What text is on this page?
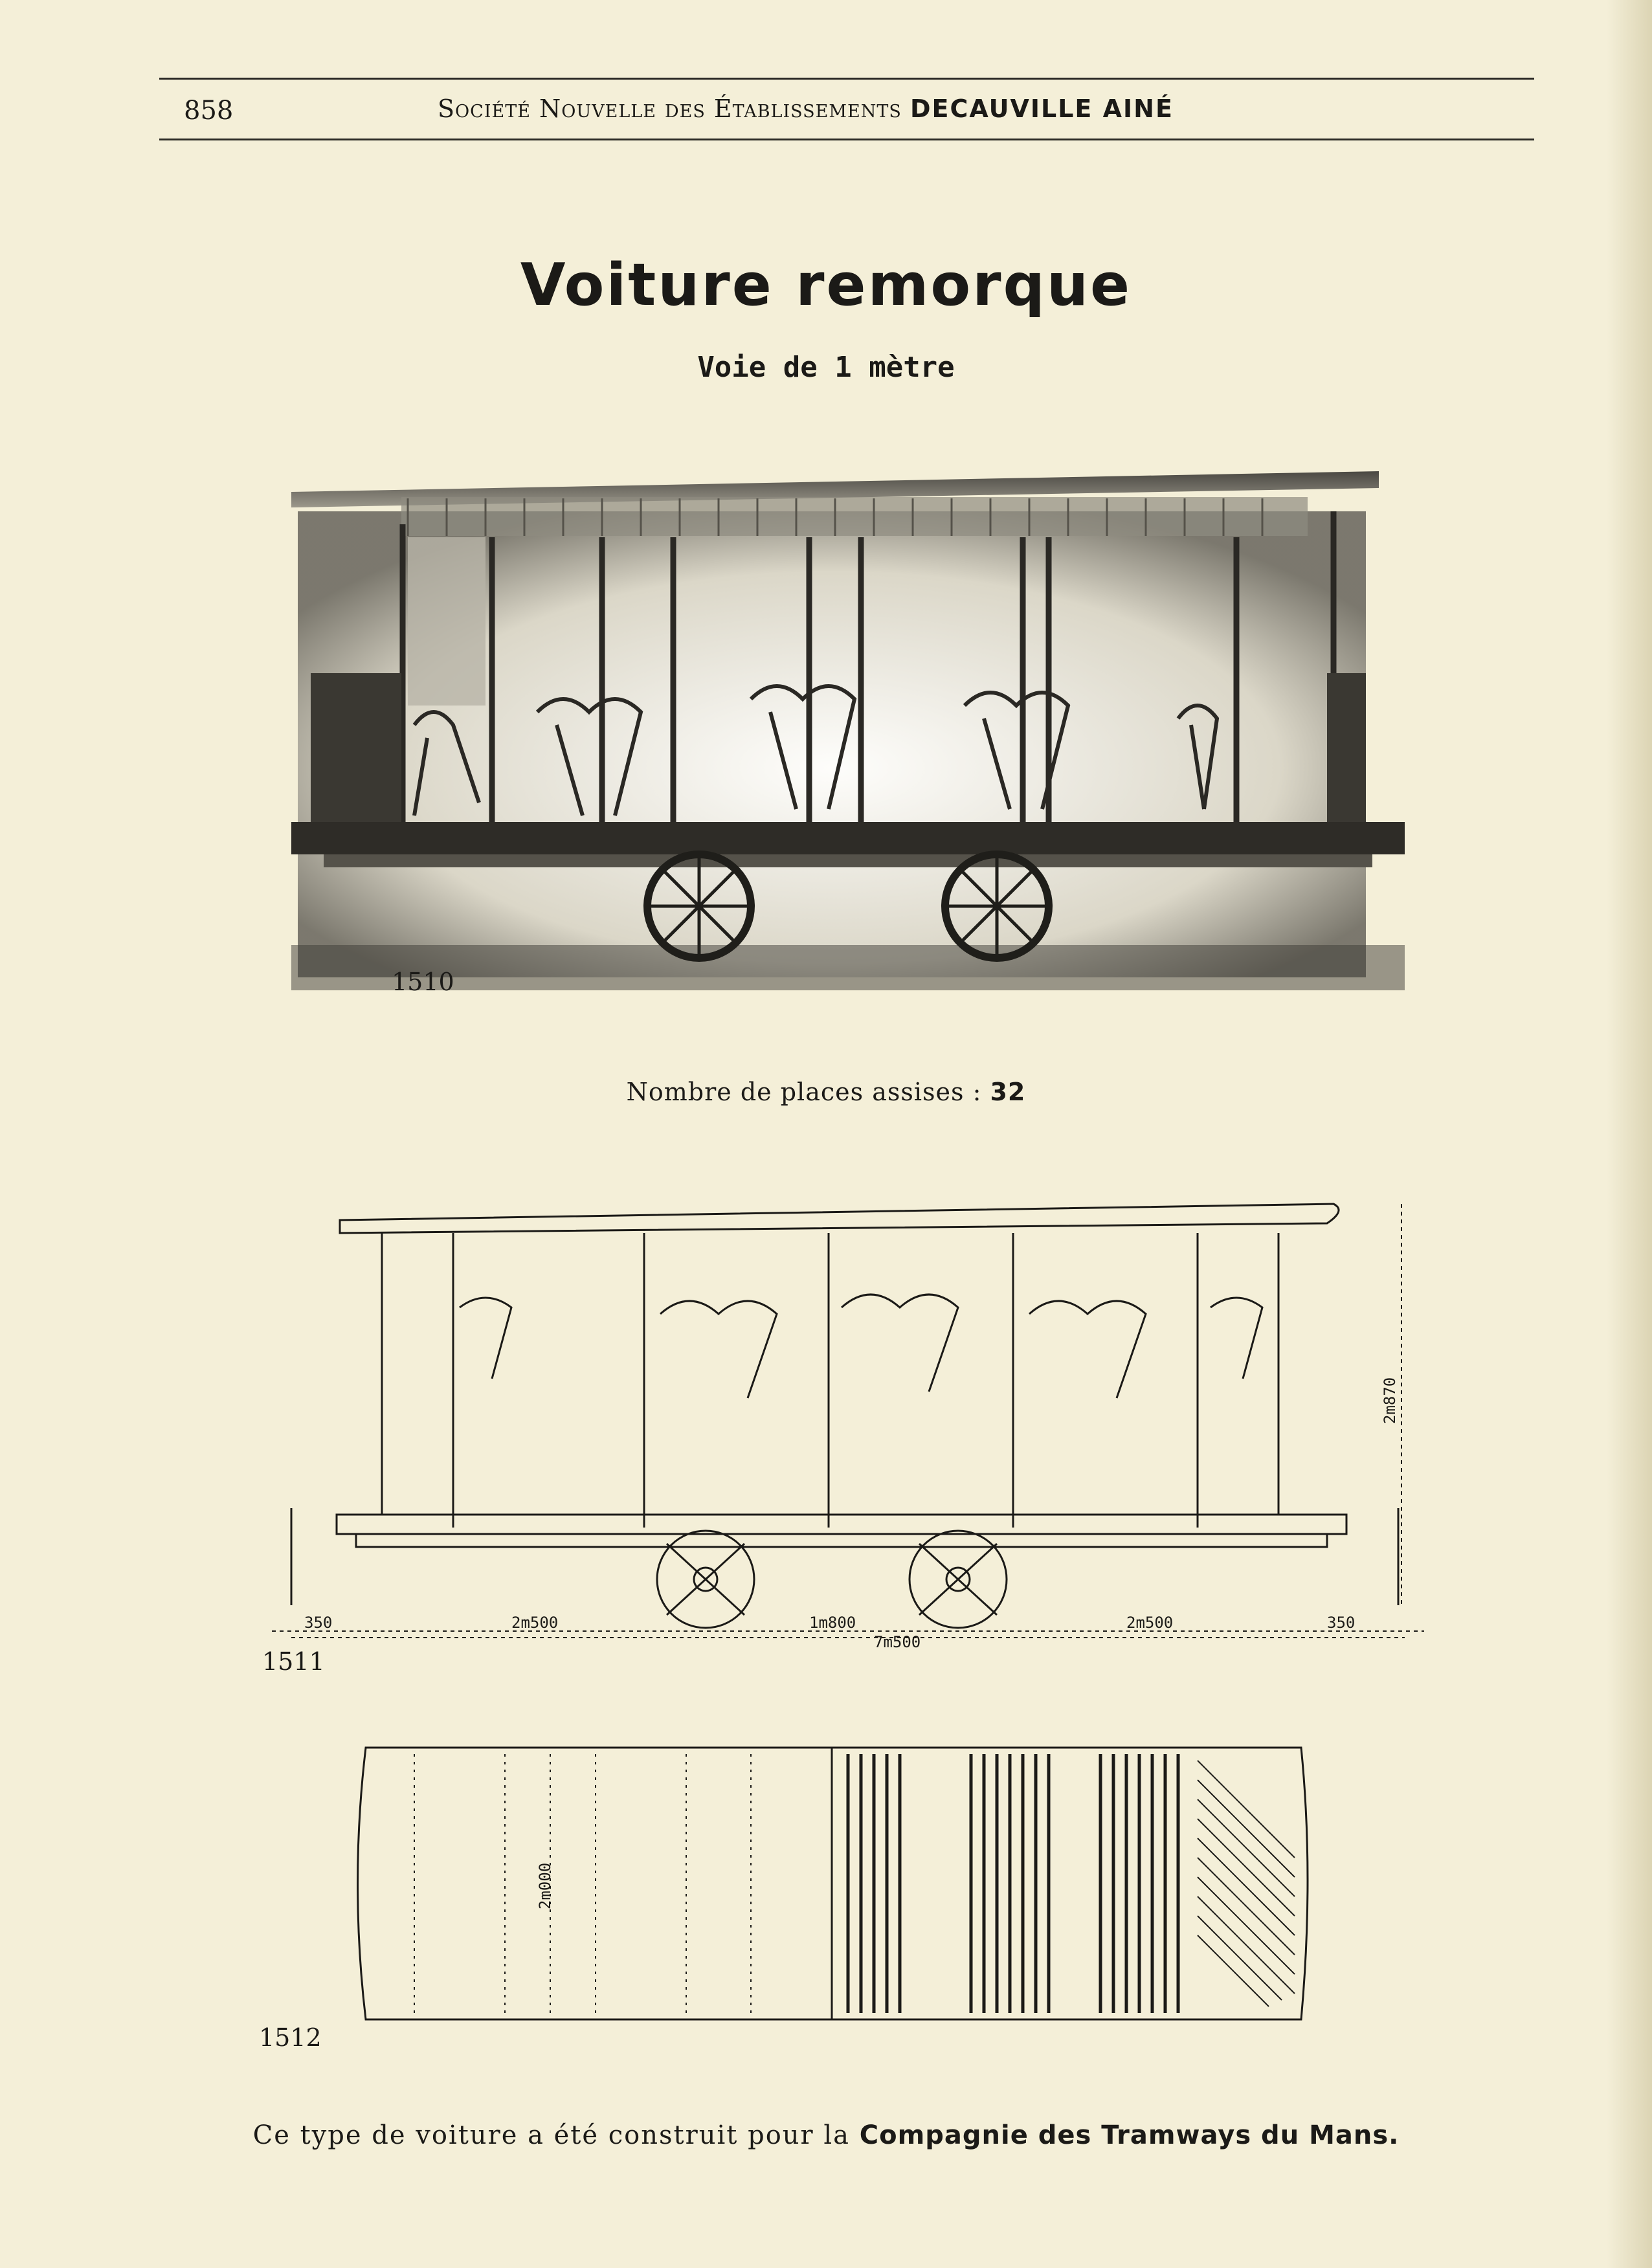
858	Société Nouvelle des Établissements DECAUVILLE AINÉ
Voiture remorque
Voie de 1 mètre
1510
Nombre de places assises : 32
350	2m500	1m800	2m500	350
7m500
2m870
1511
2m000
1512
Ce type de voiture a été construit pour la Compagnie des Tramways du Mans.
